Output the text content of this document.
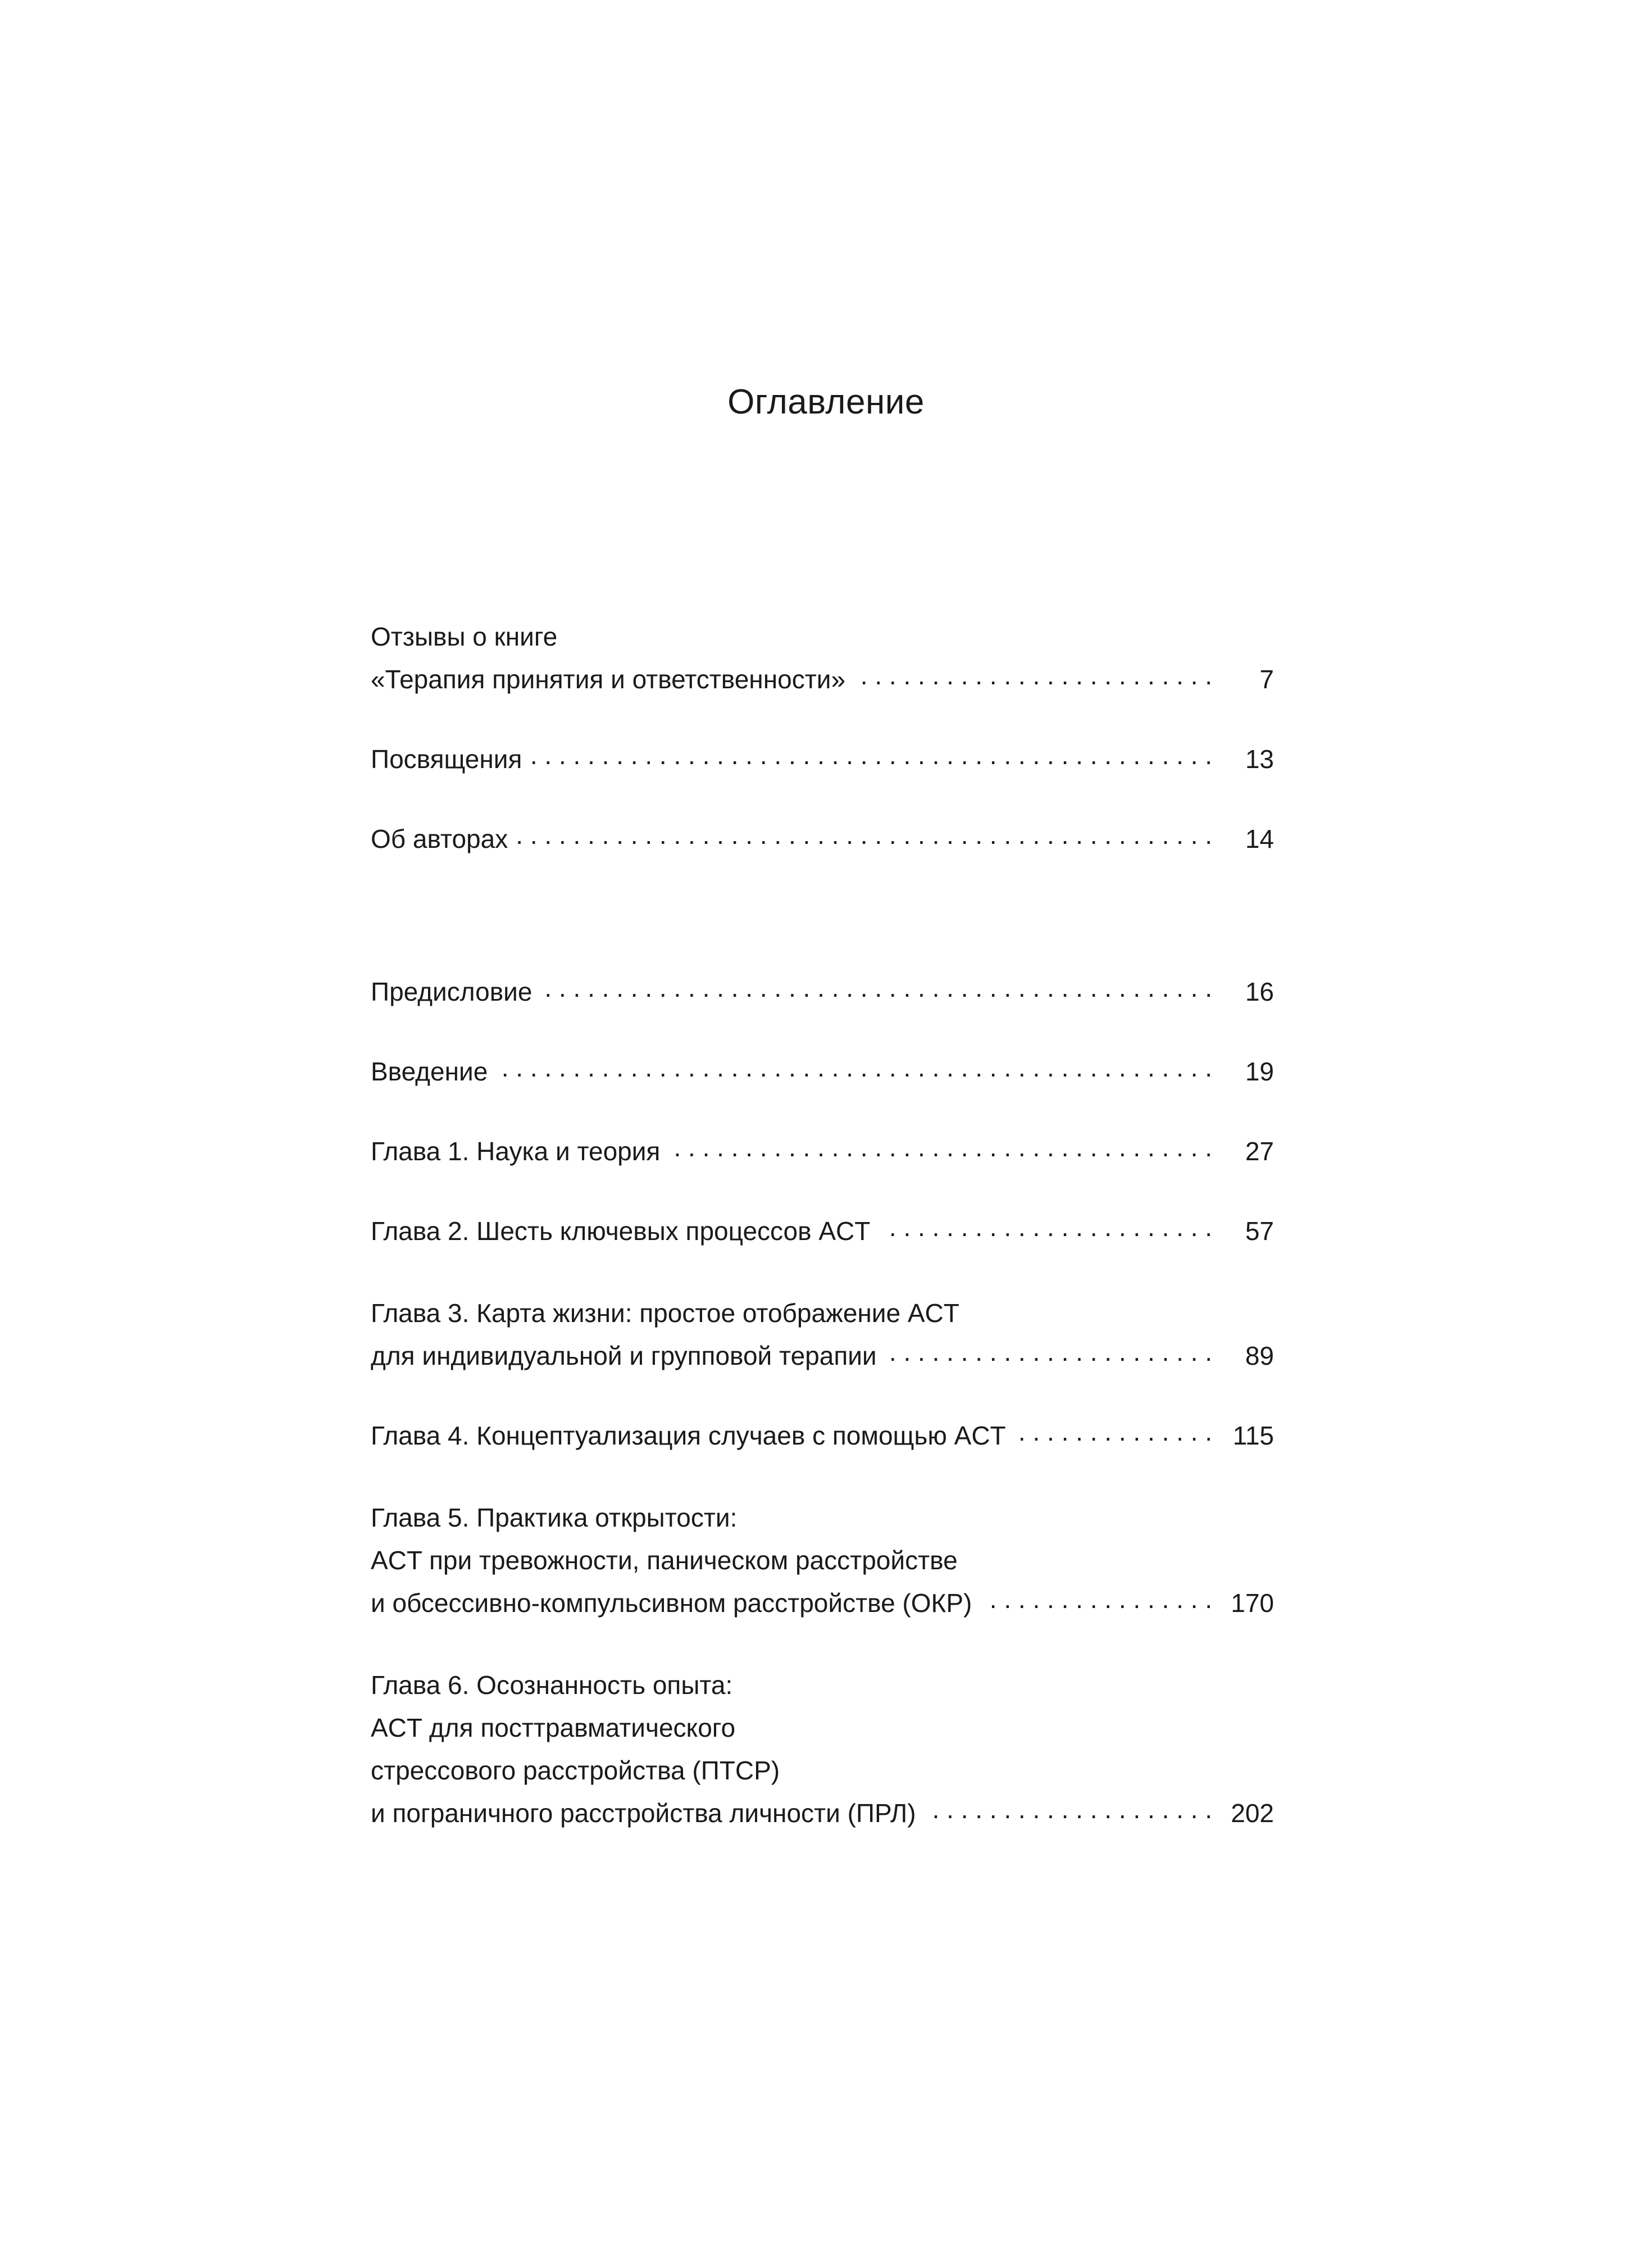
Оглавление
Отзывы о книге
«Терапия принятия и ответственности» . . .	7
Посвящения . . .	13
Об авторах . . .	14
Предисловие . . .	16
Введение . . .	19
Глава 1. Наука и теория . . .	27
Глава 2. Шесть ключевых процессов ACT . . .	57
Глава 3. Карта жизни: простое отображение ACT
для индивидуальной и групповой терапии . . .	89
Глава 4. Концептуализация случаев с помощью ACT . . .	115
Глава 5. Практика открытости:
ACT при тревожности, паническом расстройстве
и обсессивно-компульсивном расстройстве (ОКР) . . .	170
Глава 6. Осознанность опыта:
ACT для посттравматического
стрессового расстройства (ПТСР)
и пограничного расстройства личности (ПРЛ) . . .	202
